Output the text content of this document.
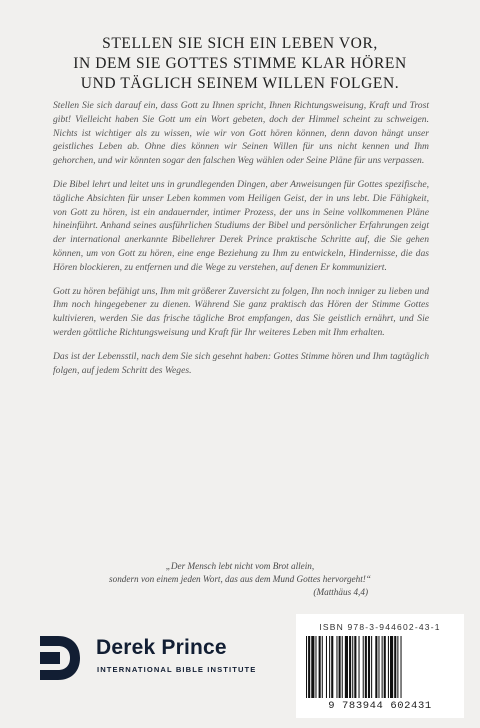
STELLEN SIE SICH EIN LEBEN VOR,
IN DEM SIE GOTTES STIMME KLAR HÖREN
UND TÄGLICH SEINEM WILLEN FOLGEN.

Stellen Sie sich darauf ein, dass Gott zu Ihnen spricht, Ihnen Richtungsweisung, Kraft und Trost gibt! Vielleicht haben Sie Gott um ein Wort gebeten, doch der Himmel scheint zu schweigen. Nichts ist wichtiger als zu wissen, wie wir von Gott hören können, denn davon hängt unser geistliches Leben ab. Ohne dies können wir Seinen Willen für uns nicht kennen und Ihm gehorchen, und wir könnten sogar den falschen Weg wählen oder Seine Pläne für uns verpassen.

Die Bibel lehrt und leitet uns in grundlegenden Dingen, aber Anweisungen für Gottes spezifische, tägliche Absichten für unser Leben kommen vom Heiligen Geist, der in uns lebt. Die Fähigkeit, von Gott zu hören, ist ein andauernder, intimer Prozess, der uns in Seine vollkommenen Pläne hineinführt. Anhand seines ausführlichen Studiums der Bibel und persönlicher Erfahrungen zeigt der international anerkannte Bibellehrer Derek Prince praktische Schritte auf, die Sie gehen können, um von Gott zu hören, eine enge Beziehung zu Ihm zu entwickeln, Hindernisse, die das Hören blockieren, zu entfernen und die Wege zu verstehen, auf denen Er kommuniziert.

Gott zu hören befähigt uns, Ihm mit größerer Zuversicht zu folgen, Ihn noch inniger zu lieben und Ihm noch hingegebener zu dienen. Während Sie ganz praktisch das Hören der Stimme Gottes kultivieren, werden Sie das frische tägliche Brot empfangen, das Sie geistlich ernährt, und Sie werden göttliche Richtungsweisung und Kraft für Ihr weiteres Leben mit Ihm erhalten.

Das ist der Lebensstil, nach dem Sie sich gesehnt haben: Gottes Stimme hören und Ihm tagtäglich folgen, auf jedem Schritt des Weges.

„Der Mensch lebt nicht vom Brot allein,
sondern von einem jeden Wort, das aus dem Mund Gottes hervorgeht!“
(Matthäus 4,4)
Derek Prince
INTERNATIONAL BIBLE INSTITUTE
ISBN 978-3-944602-43-1
9 783944 602431
